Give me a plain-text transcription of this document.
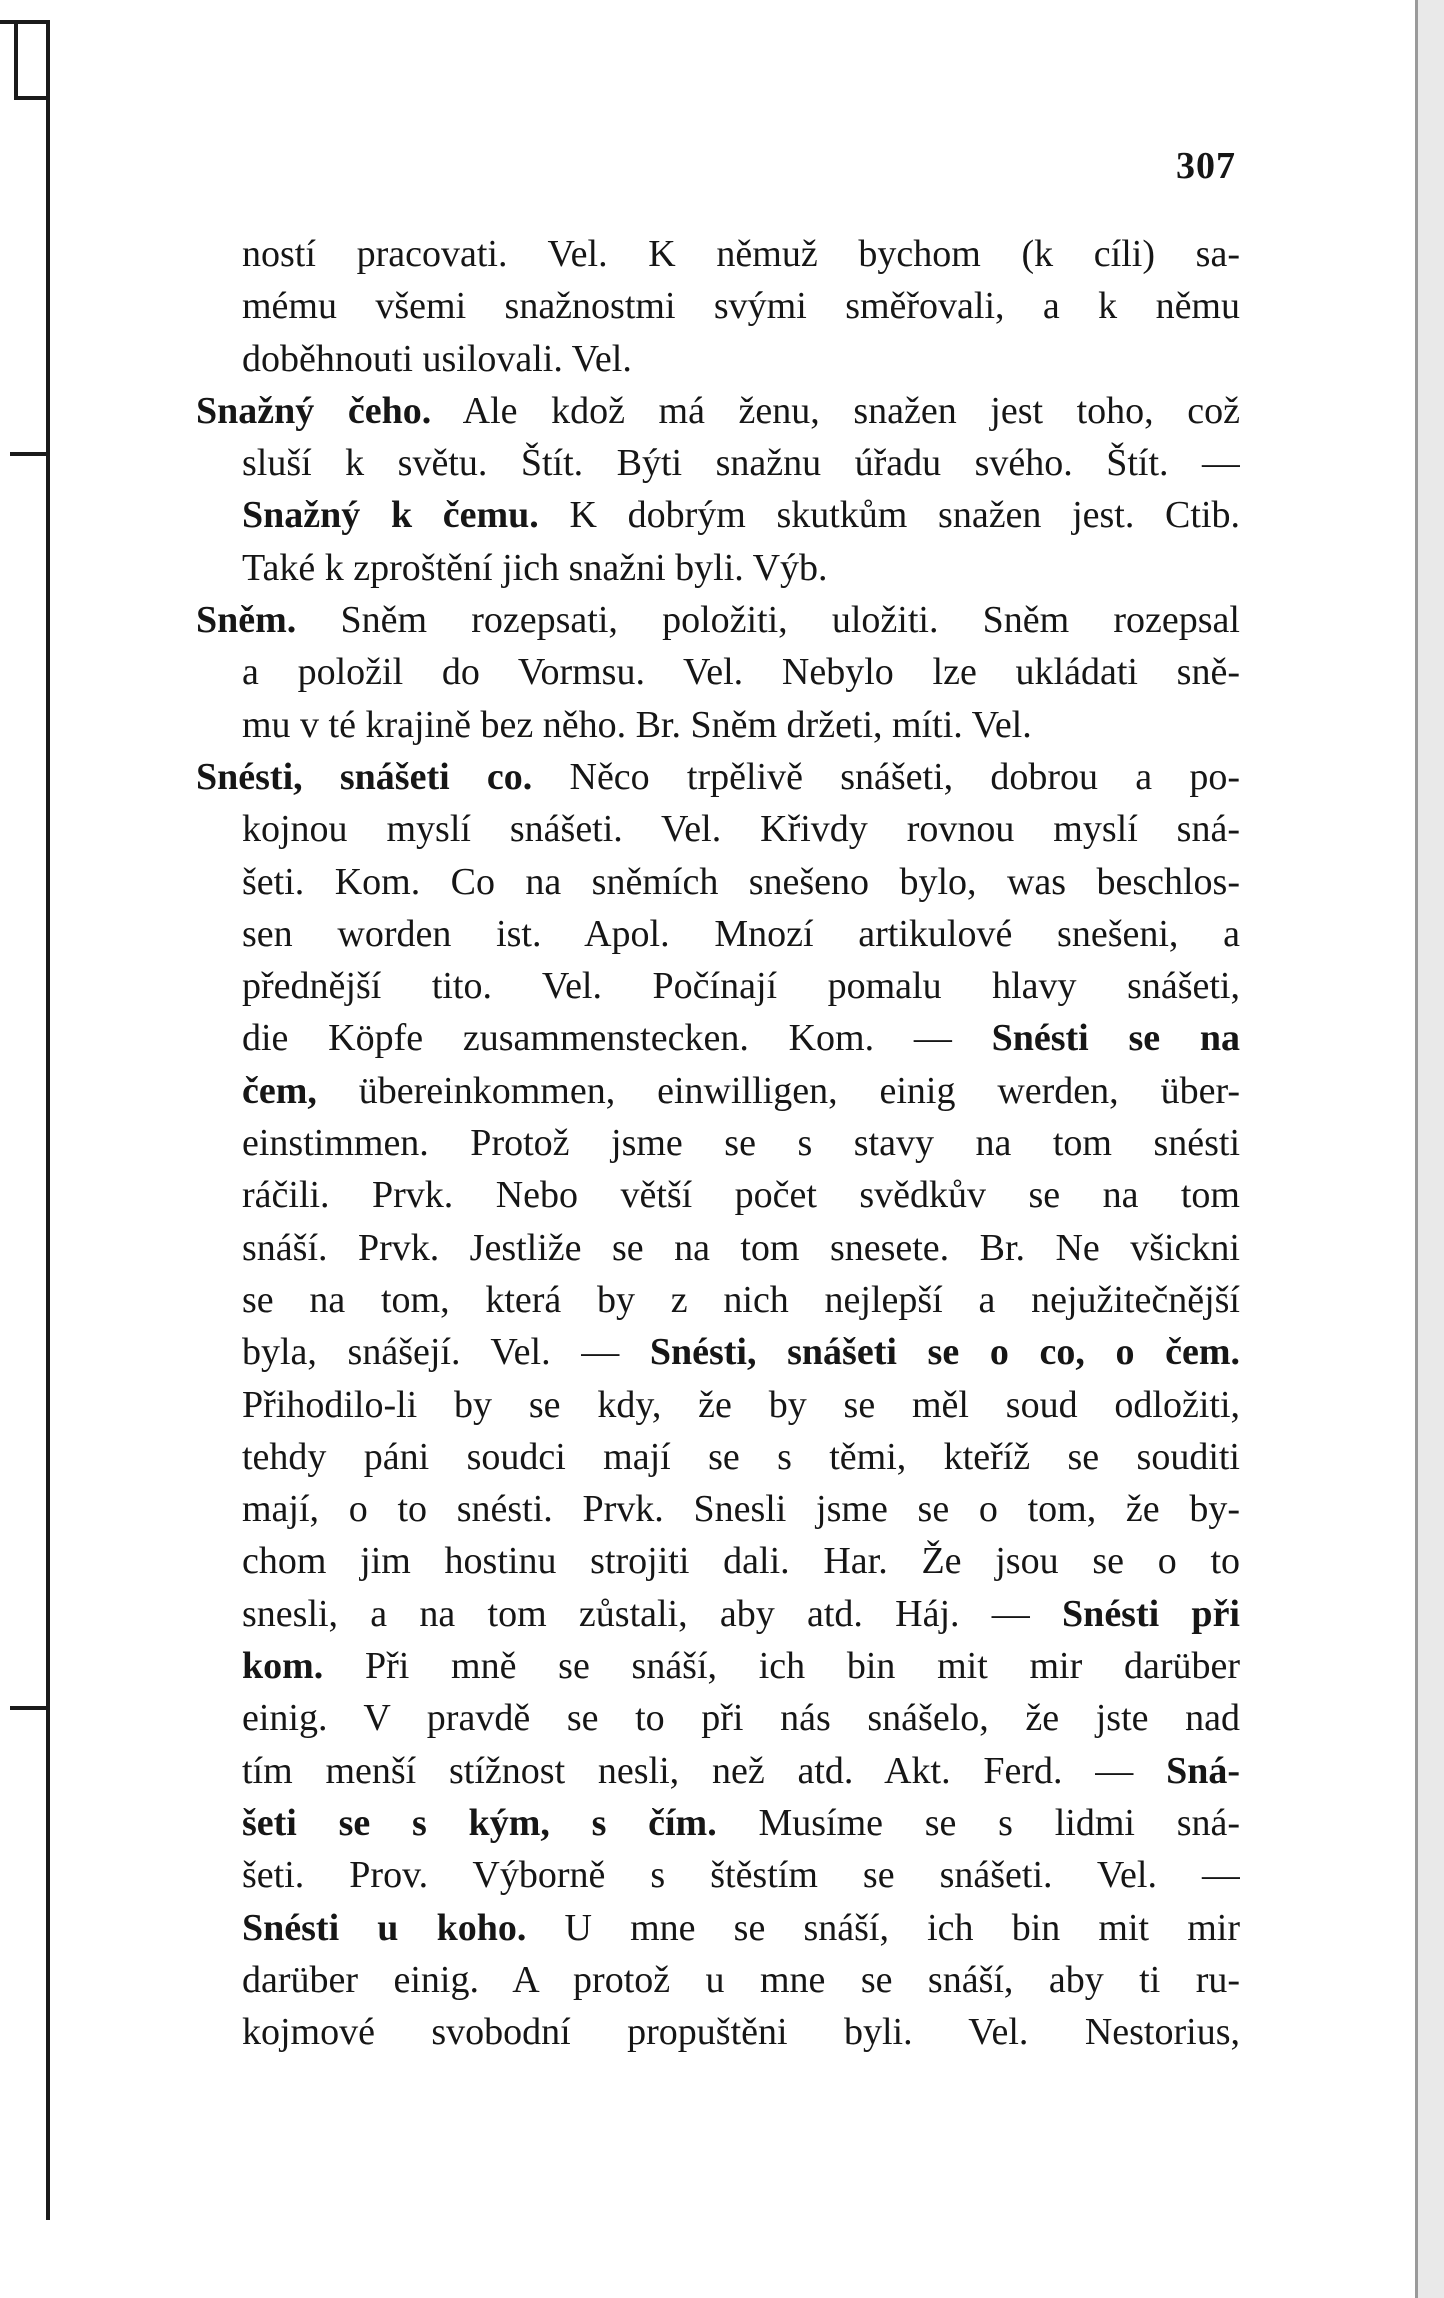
307
ností pracovati. Vel. K němuž bychom (k cíli) sa-
mému všemi snažnostmi svými směřovali, a k němu
doběhnouti usilovali. Vel.
Snažný čeho. Ale kdož má ženu, snažen jest toho, což
sluší k světu. Štít. Býti snažnu úřadu svého. Štít. —
Snažný k čemu. K dobrým skutkům snažen jest. Ctib.
Také k zproštění jich snažni byli. Výb.
Sněm. Sněm rozepsati, položiti, uložiti. Sněm rozepsal
a položil do Vormsu. Vel. Nebylo lze ukládati sně-
mu v té krajině bez něho. Br. Sněm držeti, míti. Vel.
Snésti, snášeti co. Něco trpělivě snášeti, dobrou a po-
kojnou myslí snášeti. Vel. Křivdy rovnou myslí sná-
šeti. Kom. Co na sněmích snešeno bylo, was beschlos-
sen worden ist. Apol. Mnozí artikulové snešeni, a
přednější tito. Vel. Počínají pomalu hlavy snášeti,
die Köpfe zusammenstecken. Kom. — Snésti se na
čem, übereinkommen, einwilligen, einig werden, über-
einstimmen. Protož jsme se s stavy na tom snésti
ráčili. Prvk. Nebo větší počet svědkův se na tom
snáší. Prvk. Jestliže se na tom snesete. Br. Ne všickni
se na tom, která by z nich nejlepší a nejužitečnější
byla, snášejí. Vel. — Snésti, snášeti se o co, o čem.
Přihodilo-li by se kdy, že by se měl soud odložiti,
tehdy páni soudci mají se s těmi, kteříž se souditi
mají, o to snésti. Prvk. Snesli jsme se o tom, že by-
chom jim hostinu strojiti dali. Har. Že jsou se o to
snesli, a na tom zůstali, aby atd. Háj. — Snésti při
kom. Při mně se snáší, ich bin mit mir darüber
einig. V pravdě se to při nás snášelo, že jste nad
tím menší stížnost nesli, než atd. Akt. Ferd. — Sná-
šeti se s kým, s čím. Musíme se s lidmi sná-
šeti. Prov. Výborně s štěstím se snášeti. Vel. —
Snésti u koho. U mne se snáší, ich bin mit mir
darüber einig. A protož u mne se snáší, aby ti ru-
kojmové svobodní propuštěni byli. Vel. Nestorius,
